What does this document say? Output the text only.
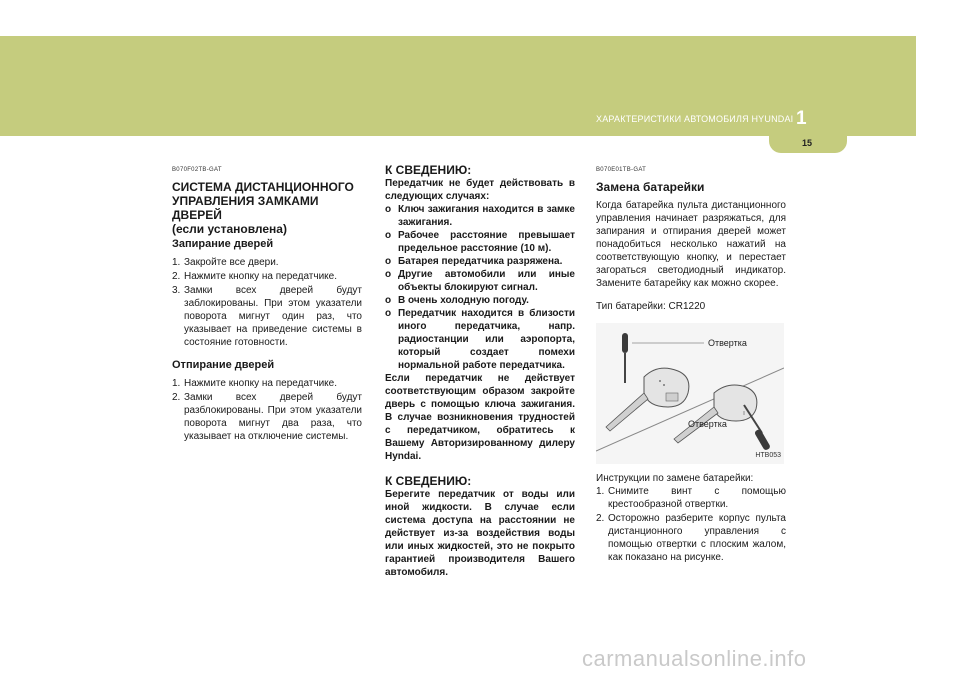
ХАРАКТЕРИСТИКИ АВТОМОБИЛЯ HYUNDAI 1
15
B070F02TB-GAT
СИСТЕМА ДИСТАНЦИОННОГО
УПРАВЛЕНИЯ ЗАМКАМИ ДВЕРЕЙ
(если установлена)
Запирание дверей
1. Закройте все двери.
2. Нажмите кнопку на передатчике.
3. Замки всех дверей будут заблокированы. При этом указатели поворота мигнут один раз, что указывает на приведение системы в состояние готовности.
Отпирание дверей
1. Нажмите кнопку на передатчике.
2. Замки всех дверей будут разблокированы. При этом указатели поворота мигнут два раза, что указывает на отключение системы.
К СВЕДЕНИЮ:
Передатчик не будет действовать в следующих случаях:
o Ключ зажигания находится в замке зажигания.
o Рабочее расстояние превышает предельное расстояние (10 м).
o Батарея передатчика разряжена.
o Другие автомобили или иные объекты блокируют сигнал.
o В очень холодную погоду.
o Передатчик находится в близости иного передатчика, напр. радиостанции или аэропорта, который создает помехи нормальной работе передатчика.
Если передатчик не действует соответствующим образом закройте дверь с помощью ключа зажигания. В случае возникновения трудностей с передатчиком, обратитесь к Вашему Авторизированному дилеру Hyndai.
К СВЕДЕНИЮ:
Берегите передатчик от воды или иной жидкости. В случае если система доступа на расстоянии не действует из-за воздействия воды или иных жидкостей, это не покрыто гарантией производителя Вашего автомобиля.
B070E01TB-GAT
Замена батарейки
Когда батарейка пульта дистанционного управления начинает разряжаться, для запирания и отпирания дверей может понадобиться несколько нажатий на соответствующую кнопку, и перестает загораться светодиодный индикатор. Замените батарейку как можно скорее.
Тип батарейки: CR1220
Отвертка
Отвертка
HTB053
Инструкции по замене батарейки:
1. Снимите винт с помощью крестообразной отвертки.
2. Осторожно разберите корпус пульта дистанционного управления с помощью отвертки с плоским жалом, как показано на рисунке.
carmanualsonline.info
